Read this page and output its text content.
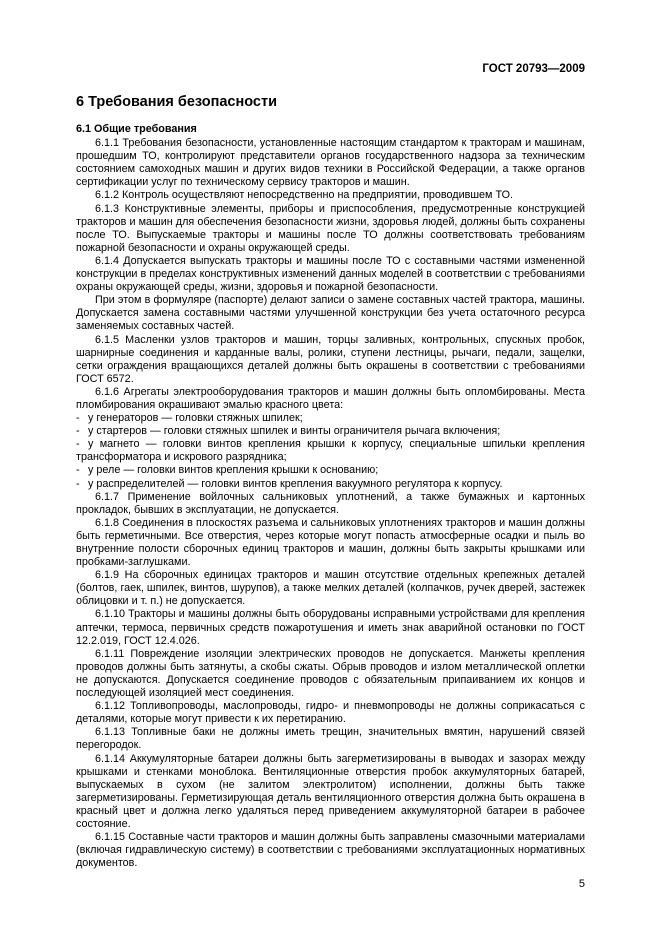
ГОСТ 20793—2009
6 Требования безопасности

6.1 Общие требования

6.1.1 Требования безопасности, установленные настоящим стандартом к тракторам и машинам, прошедшим ТО, контролируют представители органов государственного надзора за техническим состоянием самоходных машин и других видов техники в Российской Федерации, а также органов сертификации услуг по техническому сервису тракторов и машин.

6.1.2 Контроль осуществляют непосредственно на предприятии, проводившем ТО.

6.1.3 Конструктивные элементы, приборы и приспособления, предусмотренные конструкцией тракторов и машин для обеспечения безопасности жизни, здоровья людей, должны быть сохранены после ТО. Выпускаемые тракторы и машины после ТО должны соответствовать требованиям пожарной безопасности и охраны окружающей среды.

6.1.4 Допускается выпускать тракторы и машины после ТО с составными частями измененной конструкции в пределах конструктивных изменений данных моделей в соответствии с требованиями охраны окружающей среды, жизни, здоровья и пожарной безопасности.

При этом в формуляре (паспорте) делают записи о замене составных частей трактора, машины. Допускается замена составными частями улучшенной конструкции без учета остаточного ресурса заменяемых составных частей.

6.1.5 Масленки узлов тракторов и машин, торцы заливных, контрольных, спускных пробок, шарнирные соединения и карданные валы, ролики, ступени лестницы, рычаги, педали, защелки, сетки ограждения вращающихся деталей должны быть окрашены в соответствии с требованиями ГОСТ 6572.

6.1.6 Агрегаты электрооборудования тракторов и машин должны быть опломбированы. Места пломбирования окрашивают эмалью красного цвета:

- у генераторов — головки стяжных шпилек;

- у стартеров — головки стяжных шпилек и винты ограничителя рычага включения;

- у магнето — головки винтов крепления крышки к корпусу, специальные шпильки крепления трансформатора и искрового разрядника;

- у реле — головки винтов крепления крышки к основанию;

- у распределителей — головки винтов крепления вакуумного регулятора к корпусу.

6.1.7 Применение войлочных сальниковых уплотнений, а также бумажных и картонных прокладок, бывших в эксплуатации, не допускается.

6.1.8 Соединения в плоскостях разъема и сальниковых уплотнениях тракторов и машин должны быть герметичными. Все отверстия, через которые могут попасть атмосферные осадки и пыль во внутренние полости сборочных единиц тракторов и машин, должны быть закрыты крышками или пробками-заглушками.

6.1.9 На сборочных единицах тракторов и машин отсутствие отдельных крепежных деталей (болтов, гаек, шпилек, винтов, шурупов), а также мелких деталей (колпачков, ручек дверей, застежек облицовки и т. п.) не допускается.

6.1.10 Тракторы и машины должны быть оборудованы исправными устройствами для крепления аптечки, термоса, первичных средств пожаротушения и иметь знак аварийной остановки по ГОСТ 12.2.019, ГОСТ 12.4.026.

6.1.11 Повреждение изоляции электрических проводов не допускается. Манжеты крепления проводов должны быть затянуты, а скобы сжаты. Обрыв проводов и излом металлической оплетки не допускаются. Допускается соединение проводов с обязательным припаиванием их концов и последующей изоляцией мест соединения.

6.1.12 Топливопроводы, маслопроводы, гидро- и пневмопроводы не должны соприкасаться с деталями, которые могут привести к их перетиранию.

6.1.13 Топливные баки не должны иметь трещин, значительных вмятин, нарушений связей перегородок.

6.1.14 Аккумуляторные батареи должны быть загерметизированы в выводах и зазорах между крышками и стенками моноблока. Вентиляционные отверстия пробок аккумуляторных батарей, выпускаемых в сухом (не залитом электролитом) исполнении, должны быть также загерметизированы. Герметизирующая деталь вентиляционного отверстия должна быть окрашена в красный цвет и должна легко удаляться перед приведением аккумуляторной батареи в рабочее состояние.

6.1.15 Составные части тракторов и машин должны быть заправлены смазочными материалами (включая гидравлическую систему) в соответствии с требованиями эксплуатационных нормативных документов.

5
